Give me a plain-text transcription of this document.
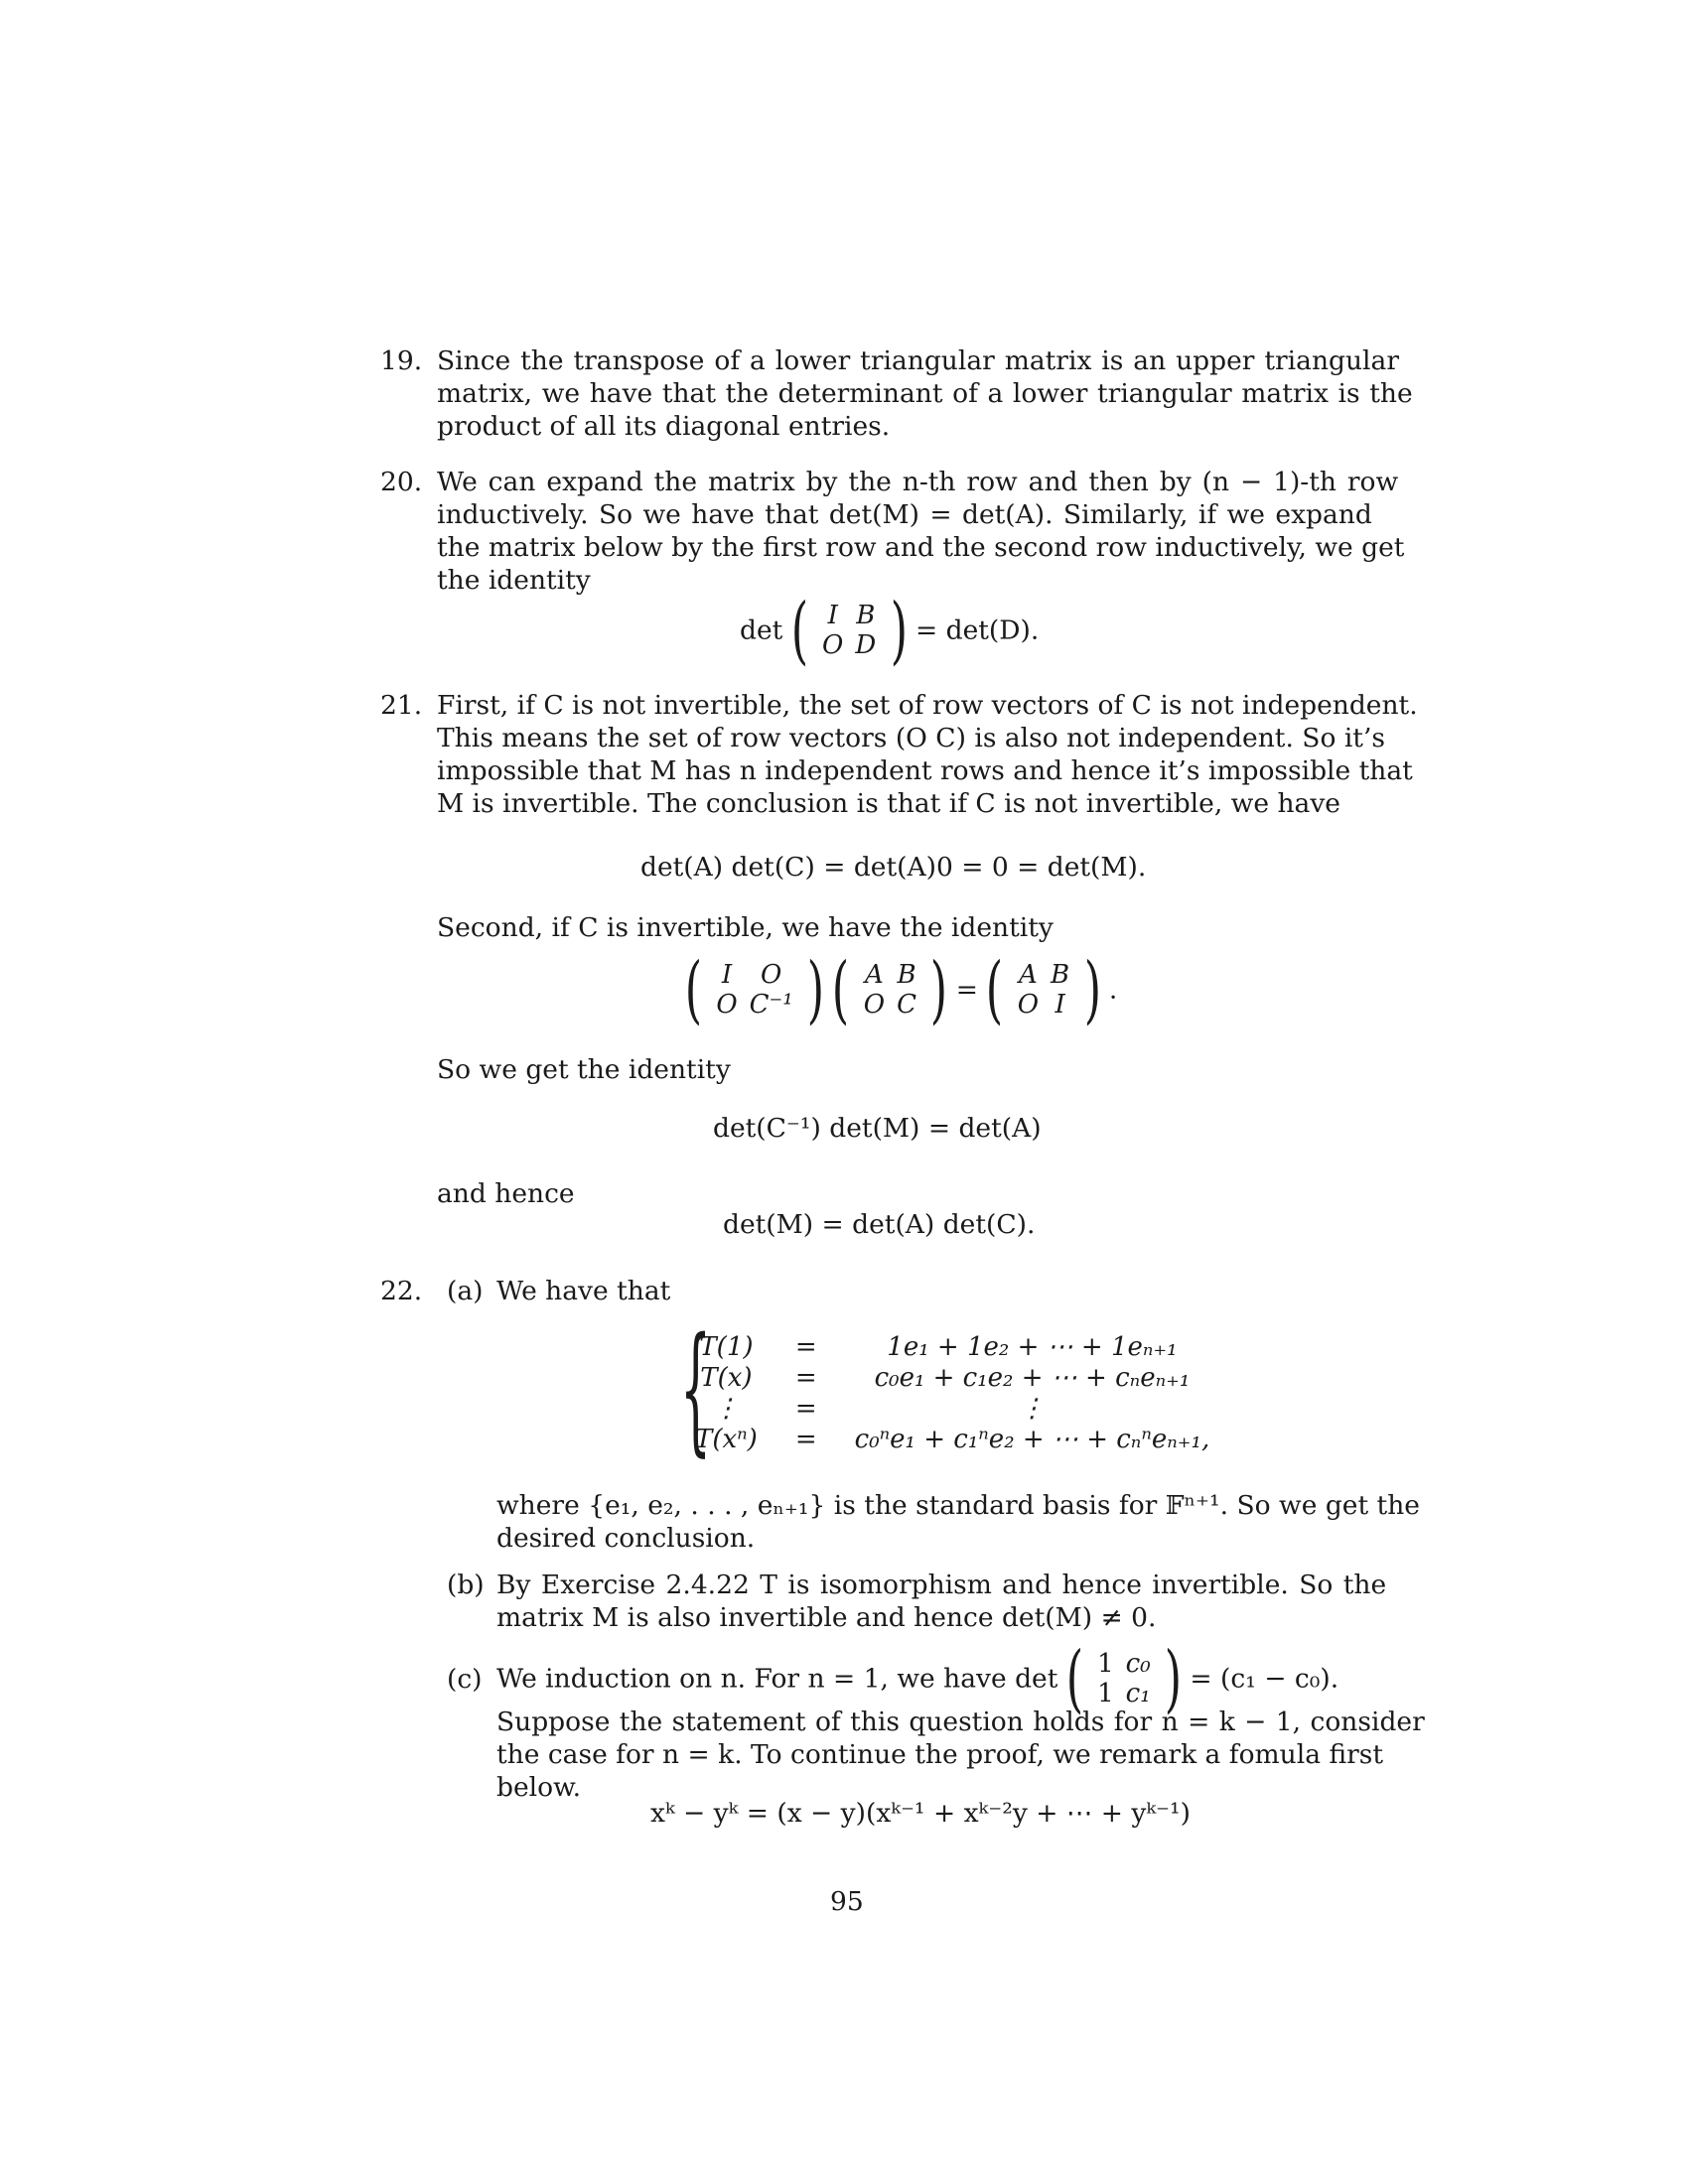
19. Since the transpose of a lower triangular matrix is an upper triangular
matrix, we have that the determinant of a lower triangular matrix is the
product of all its diagonal entries.
20. We can expand the matrix by the n-th row and then by (n − 1)-th row
inductively. So we have that det(M) = det(A). Similarly, if we expand
the matrix below by the first row and the second row inductively, we get
the identity
det ( I	B
O	D ) = det(D).
21. First, if C is not invertible, the set of row vectors of C is not independent.
This means the set of row vectors (O C) is also not independent. So it’s
impossible that M has n independent rows and hence it’s impossible that
M is invertible. The conclusion is that if C is not invertible, we have
det(A) det(C) = det(A)0 = 0 = det(M).
Second, if C is invertible, we have the identity
( I	O
O	C⁻¹ ) ( A	B
O	C ) = ( A	B
O	I ) .
So we get the identity
det(C⁻¹) det(M) = det(A)
and hence
det(M) = det(A) det(C).
22. (a) We have that
{
T(1)	=	1e₁ + 1e₂ + ⋯ + 1eₙ₊₁
T(x)	=	c₀e₁ + c₁e₂ + ⋯ + cₙeₙ₊₁
⋮	=	⋮
T(xⁿ)	=	c₀ⁿe₁ + c₁ⁿe₂ + ⋯ + cₙⁿeₙ₊₁,
where {e₁, e₂, . . . , eₙ₊₁} is the standard basis for 𝔽ⁿ⁺¹. So we get the
desired conclusion.
(b) By Exercise 2.4.22 T is isomorphism and hence invertible. So the
matrix M is also invertible and hence det(M) ≠ 0.
(c) We induction on n. For n = 1, we have det ( 1	c₀
1	c₁ ) = (c₁ − c₀).
Suppose the statement of this question holds for n = k − 1, consider
the case for n = k. To continue the proof, we remark a fomula first
below.
xᵏ − yᵏ = (x − y)(xᵏ⁻¹ + xᵏ⁻²y + ⋯ + yᵏ⁻¹)
95
